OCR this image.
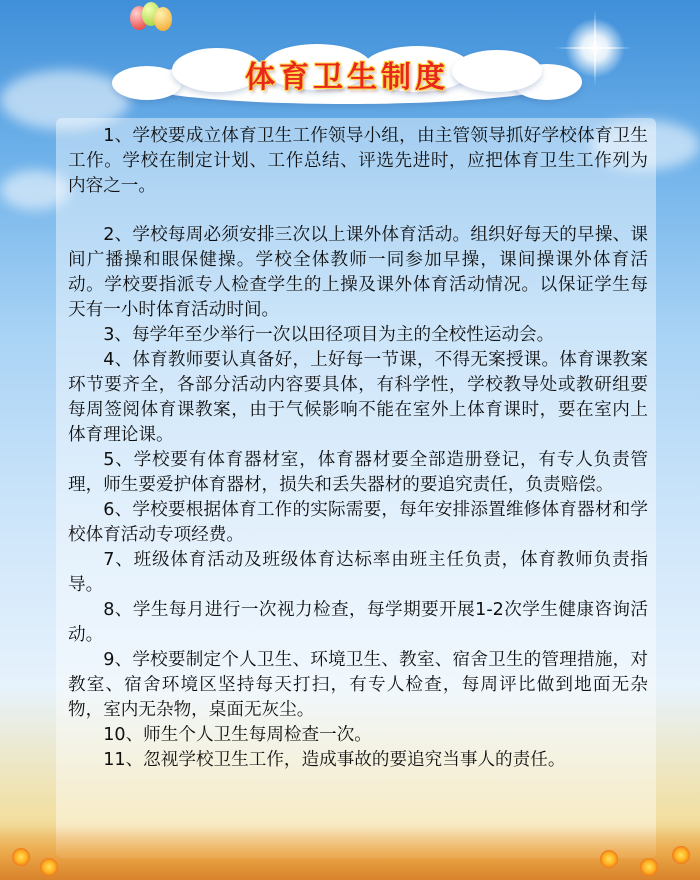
体育卫生制度

1、学校要成立体育卫生工作领导小组，由主管领导抓好学校体育卫生工作。学校在制定计划、工作总结、评选先进时，应把体育卫生工作列为内容之一。

2、学校每周必须安排三次以上课外体育活动。组织好每天的早操、课间广播操和眼保健操。学校全体教师一同参加早操，课间操课外体育活动。学校要指派专人检查学生的上操及课外体育活动情况。以保证学生每天有一小时体育活动时间。

3、每学年至少举行一次以田径项目为主的全校性运动会。

4、体育教师要认真备好，上好每一节课，不得无案授课。体育课教案环节要齐全，各部分活动内容要具体，有科学性，学校教导处或教研组要每周签阅体育课教案，由于气候影响不能在室外上体育课时，要在室内上体育理论课。

5、学校要有体育器材室，体育器材要全部造册登记，有专人负责管理，师生要爱护体育器材，损失和丢失器材的要追究责任，负责赔偿。

6、学校要根据体育工作的实际需要，每年安排添置维修体育器材和学校体育活动专项经费。

7、班级体育活动及班级体育达标率由班主任负责，体育教师负责指导。

8、学生每月进行一次视力检查，每学期要开展1-2次学生健康咨询活动。

9、学校要制定个人卫生、环境卫生、教室、宿舍卫生的管理措施，对教室、宿舍环境区坚持每天打扫，有专人检查，每周评比做到地面无杂物，室内无杂物，桌面无灰尘。

10、师生个人卫生每周检查一次。

11、忽视学校卫生工作，造成事故的要追究当事人的责任。
